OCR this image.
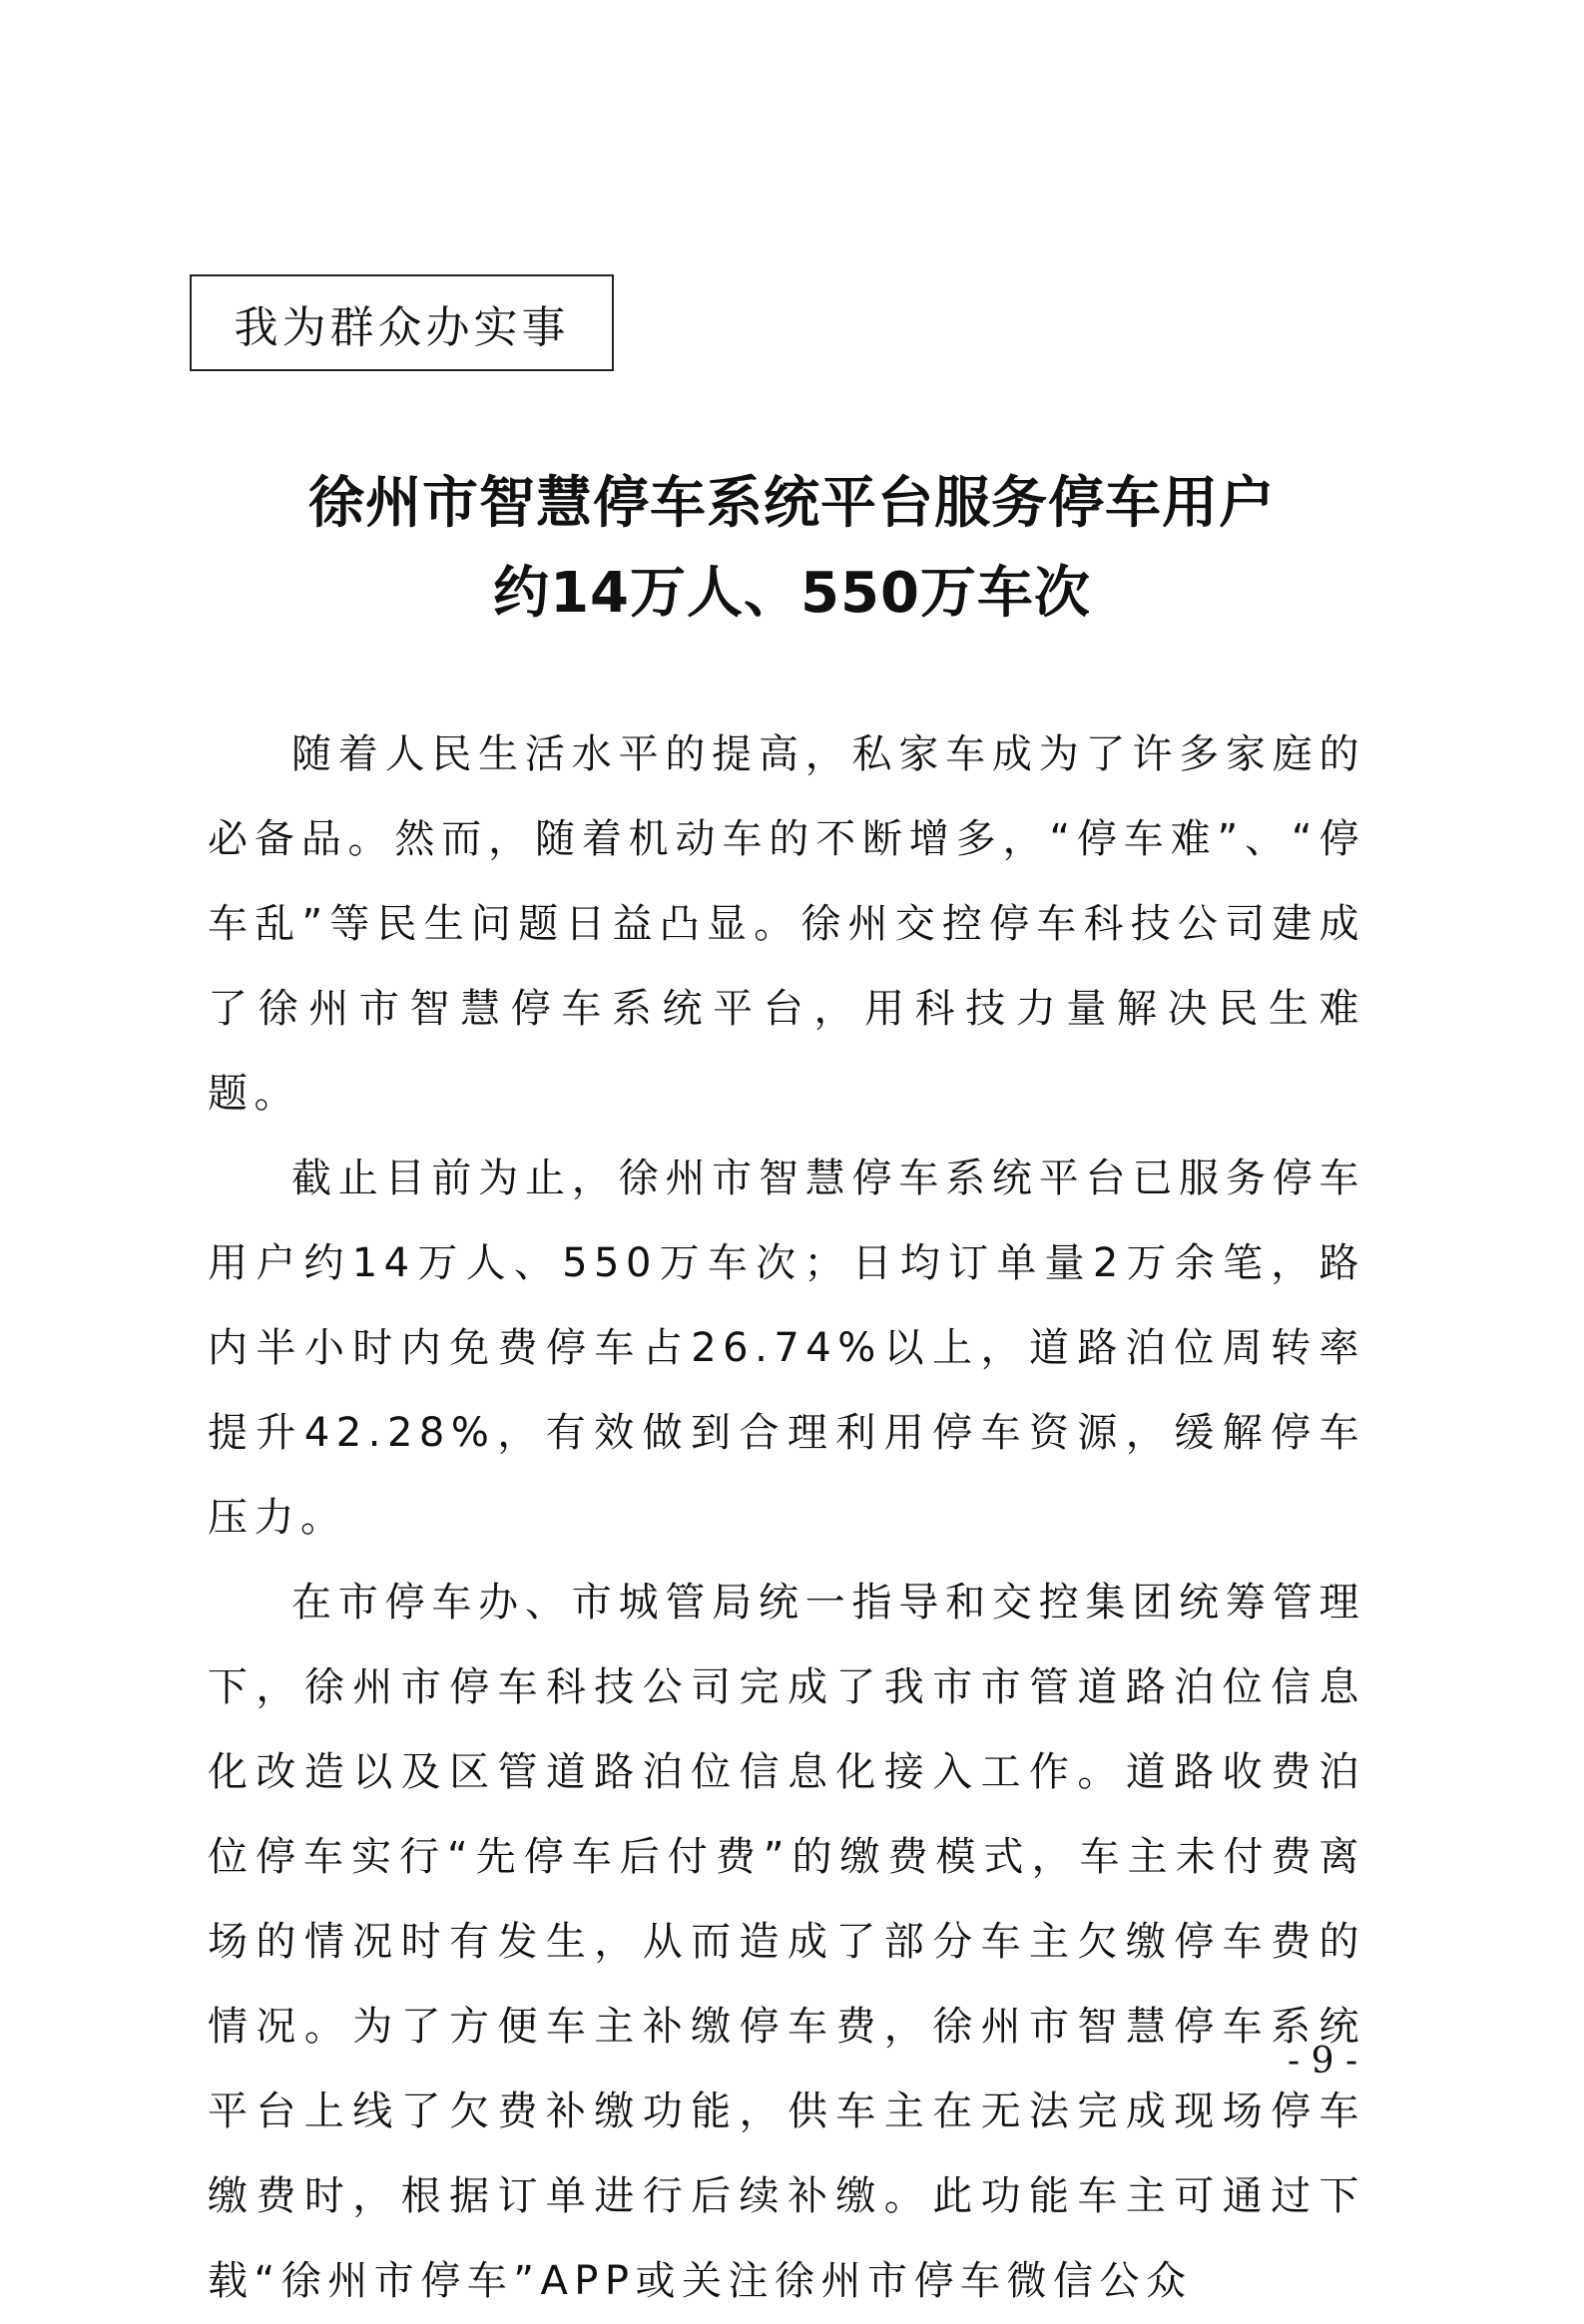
我为群众办实事
徐州市智慧停车系统平台服务停车用户
约14万人、550万车次

随着人民生活水平的提高，私家车成为了许多家庭的必备品。然而，随着机动车的不断增多，“停车难”、“停车乱”等民生问题日益凸显。徐州交控停车科技公司建成了徐州市智慧停车系统平台，用科技力量解决民生难题。

截止目前为止，徐州市智慧停车系统平台已服务停车用户约14万人、550万车次；日均订单量2万余笔，路内半小时内免费停车占26.74%以上，道路泊位周转率提升42.28%，有效做到合理利用停车资源，缓解停车压力。

在市停车办、市城管局统一指导和交控集团统筹管理下，徐州市停车科技公司完成了我市市管道路泊位信息化改造以及区管道路泊位信息化接入工作。道路收费泊位停车实行“先停车后付费”的缴费模式，车主未付费离场的情况时有发生，从而造成了部分车主欠缴停车费的情况。为了方便车主补缴停车费，徐州市智慧停车系统平台上线了欠费补缴功能，供车主在无法完成现场停车缴费时，根据订单进行后续补缴。此功能车主可通过下载“徐州市停车”APP或关注徐州市停车微信公众

- 9 -
